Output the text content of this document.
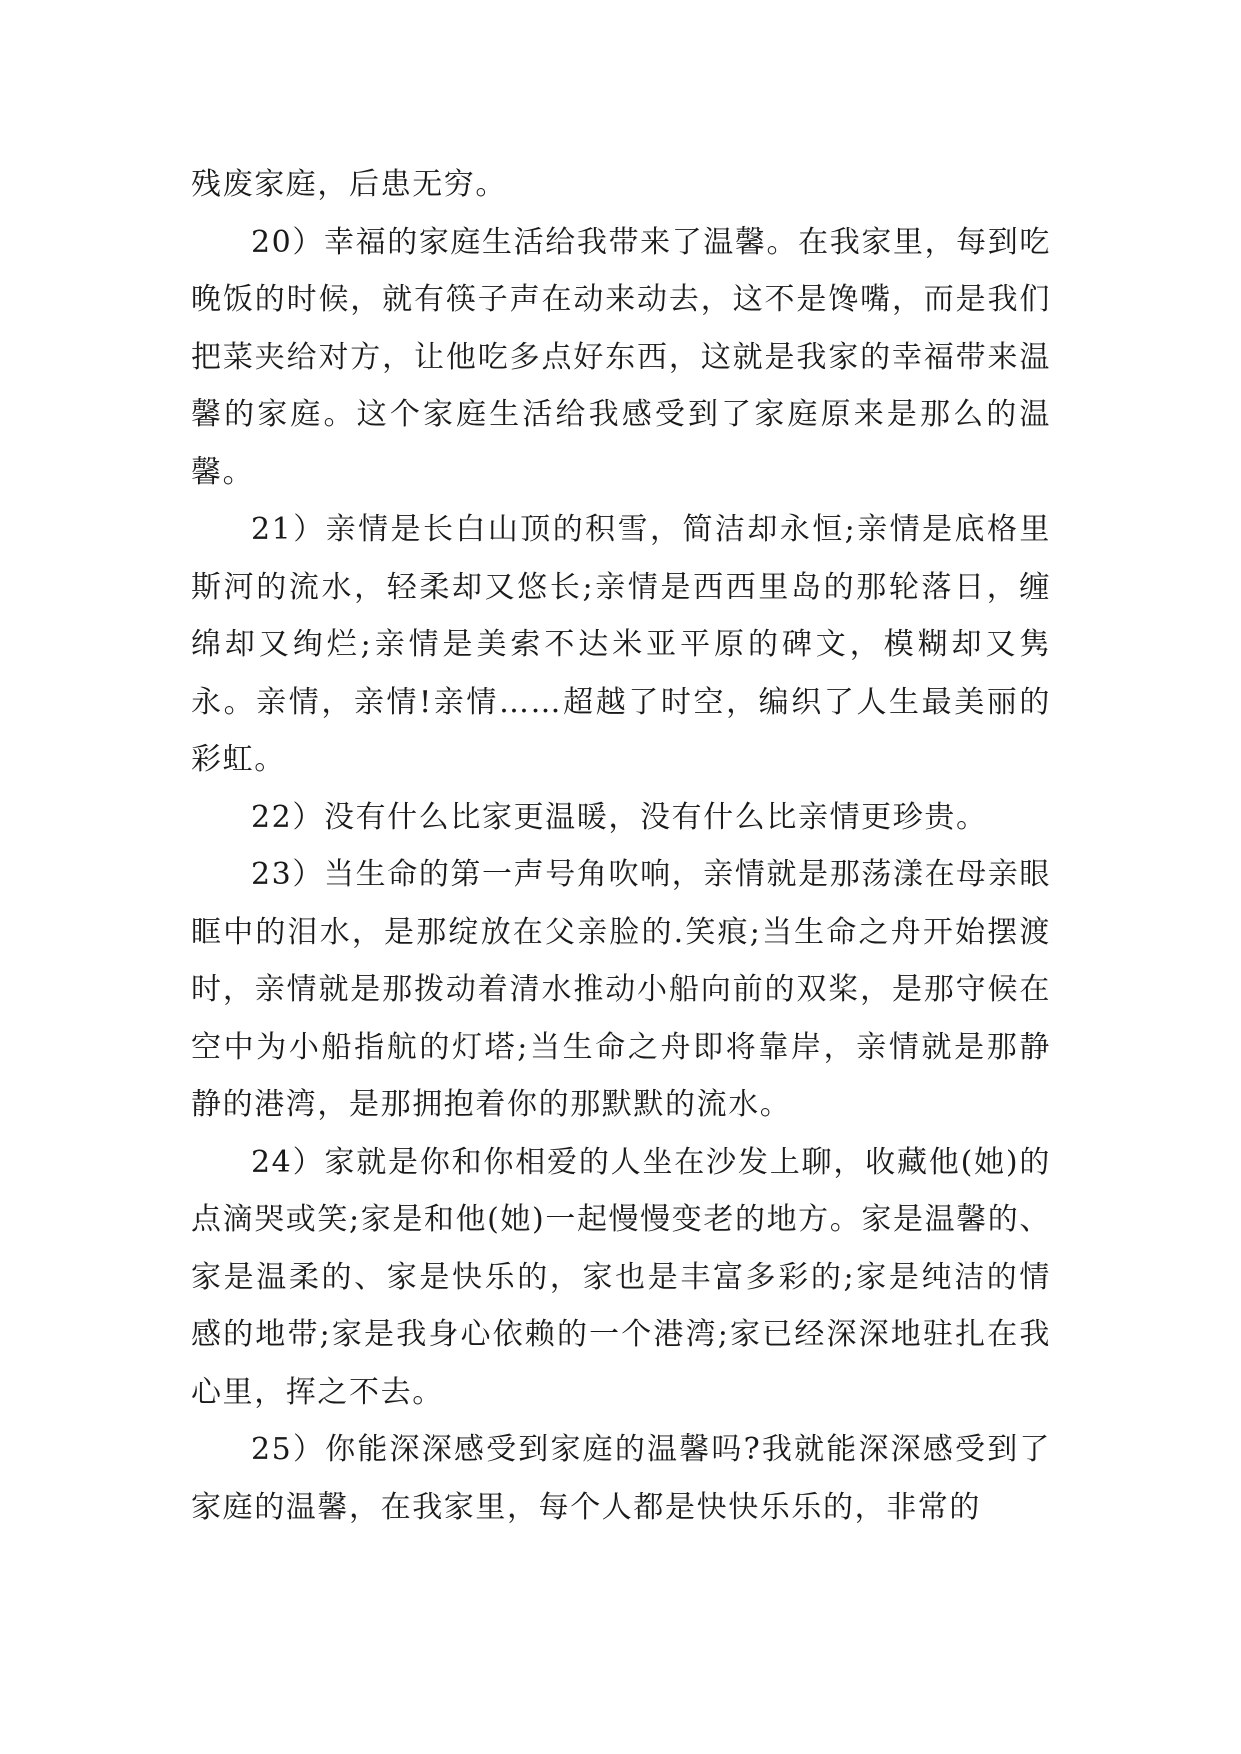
残废家庭，后患无穷。

20）幸福的家庭生活给我带来了温馨。在我家里，每到吃晚饭的时候，就有筷子声在动来动去，这不是馋嘴，而是我们把菜夹给对方，让他吃多点好东西，这就是我家的幸福带来温馨的家庭。这个家庭生活给我感受到了家庭原来是那么的温馨。

21）亲情是长白山顶的积雪，简洁却永恒;亲情是底格里斯河的流水，轻柔却又悠长;亲情是西西里岛的那轮落日，缠绵却又绚烂;亲情是美索不达米亚平原的碑文，模糊却又隽永。亲情，亲情!亲情……超越了时空，编织了人生最美丽的彩虹。

22）没有什么比家更温暖，没有什么比亲情更珍贵。

23）当生命的第一声号角吹响，亲情就是那荡漾在母亲眼眶中的泪水，是那绽放在父亲脸的.笑痕;当生命之舟开始摆渡时，亲情就是那拨动着清水推动小船向前的双桨，是那守候在空中为小船指航的灯塔;当生命之舟即将靠岸，亲情就是那静静的港湾，是那拥抱着你的那默默的流水。

24）家就是你和你相爱的人坐在沙发上聊，收藏他(她)的点滴哭或笑;家是和他(她)一起慢慢变老的地方。家是温馨的、家是温柔的、家是快乐的，家也是丰富多彩的;家是纯洁的情感的地带;家是我身心依赖的一个港湾;家已经深深地驻扎在我心里，挥之不去。

25）你能深深感受到家庭的温馨吗?我就能深深感受到了家庭的温馨，在我家里，每个人都是快快乐乐的，非常的
